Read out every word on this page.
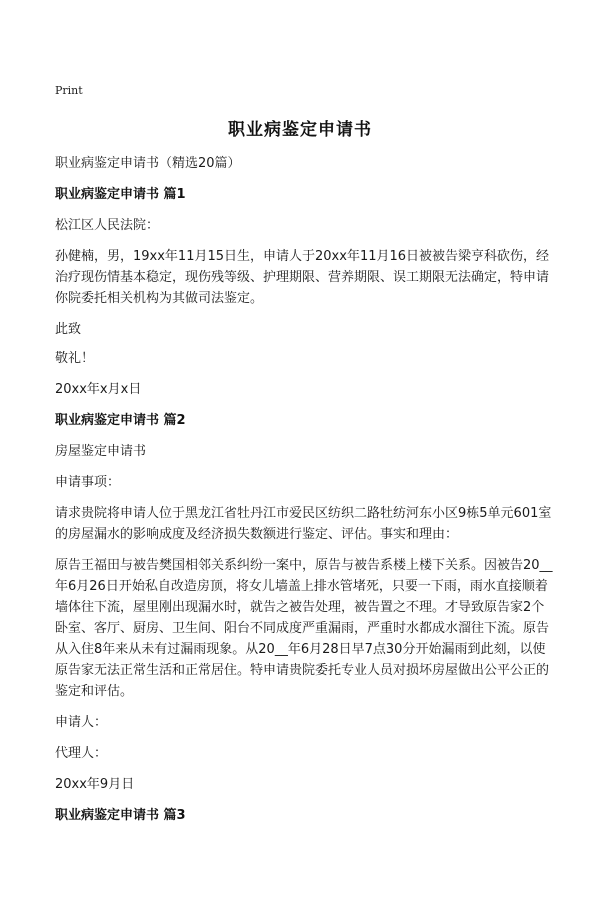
Print
职业病鉴定申请书

职业病鉴定申请书（精选20篇）

职业病鉴定申请书 篇1

松江区人民法院：

孙健楠，男，19xx年11月15日生，申请人于20xx年11月16日被被告梁亨科砍伤，经治疗现伤情基本稳定，现伤残等级、护理期限、营养期限、误工期限无法确定，特申请你院委托相关机构为其做司法鉴定。

此致

敬礼！

20xx年x月x日

职业病鉴定申请书 篇2

房屋鉴定申请书

申请事项：

请求贵院将申请人位于黑龙江省牡丹江市爱民区纺织二路牡纺河东小区9栋5单元601室的房屋漏水的影响成度及经济损失数额进行鉴定、评估。事实和理由：

原告王福田与被告樊国相邻关系纠纷一案中，原告与被告系楼上楼下关系。因被告20__年6月26日开始私自改造房顶，将女儿墙盖上排水管堵死，只要一下雨，雨水直接顺着墙体往下流，屋里刚出现漏水时，就告之被告处理，被告置之不理。才导致原告家2个卧室、客厅、厨房、卫生间、阳台不同成度严重漏雨，严重时水都成水溜往下流。原告从入住8年来从未有过漏雨现象。从20__年6月28日早7点30分开始漏雨到此刻，以使原告家无法正常生活和正常居住。特申请贵院委托专业人员对损坏房屋做出公平公正的鉴定和评估。

申请人：

代理人：

20xx年9月日

职业病鉴定申请书 篇3
